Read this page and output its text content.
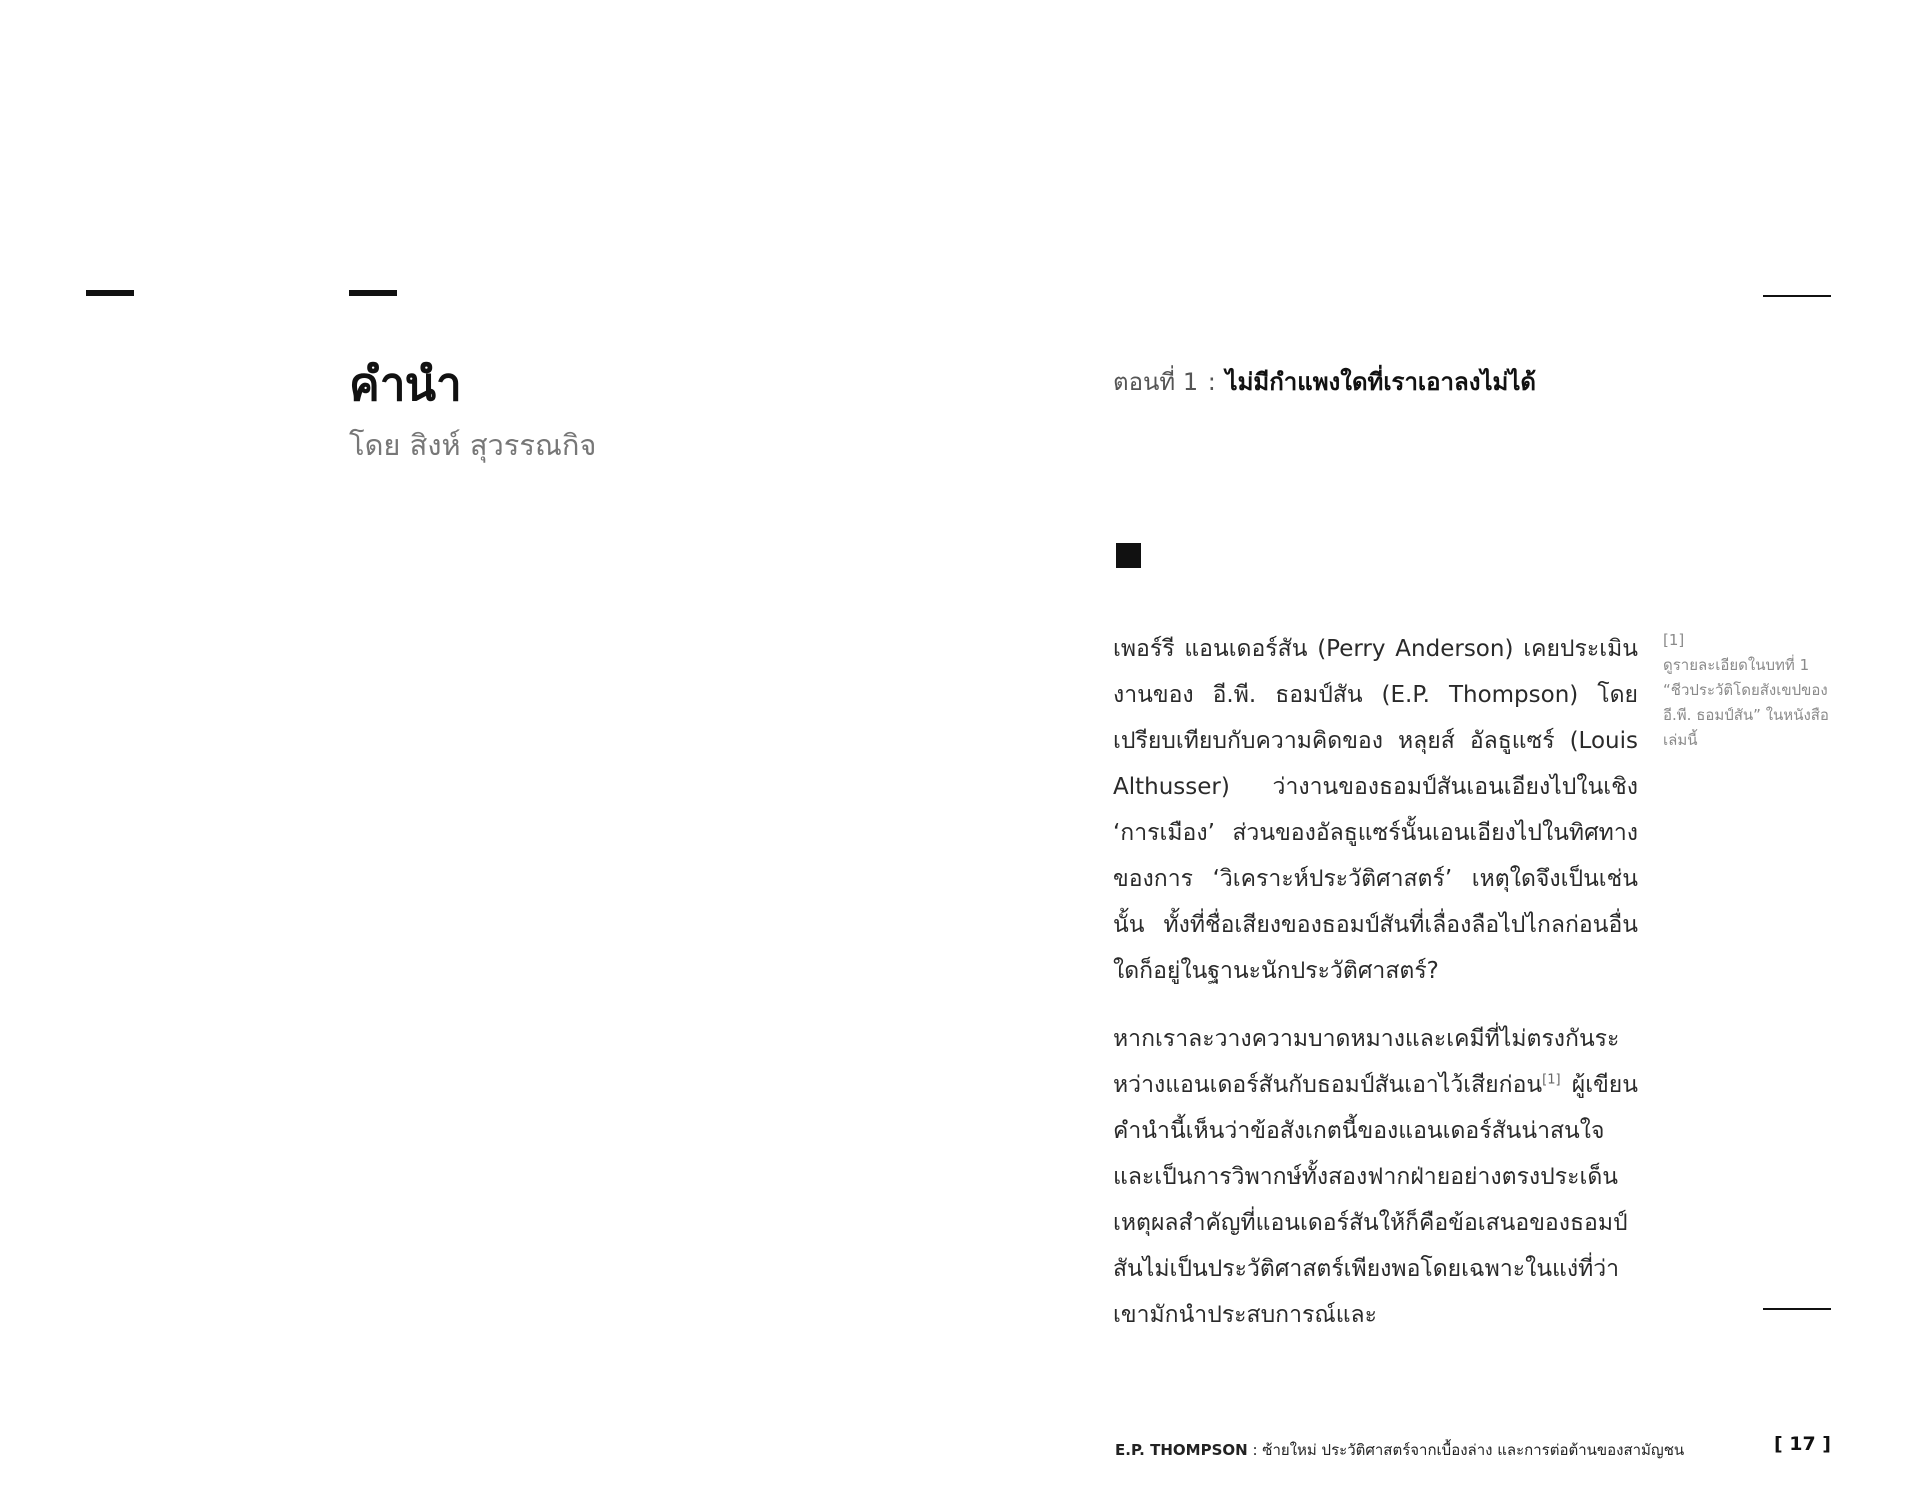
คำนำ
โดย สิงห์ สุวรรณกิจ
ตอนที่ 1 : ไม่มีกำแพงใดที่เราเอาลงไม่ได้

เพอร์รี แอนเดอร์สัน (Perry Anderson) เคยประเมินงานของ อี.พี. ธอมป์สัน (E.P. Thompson) โดยเปรียบเทียบกับความคิดของ หลุยส์ อัลธูแซร์ (Louis Althusser) ว่างานของธอมป์สันเอนเอียงไปในเชิง ‘การเมือง’ ส่วนของอัลธูแซร์นั้นเอนเอียงไปในทิศทางของการ ‘วิเคราะห์ประวัติศาสตร์’ เหตุใดจึงเป็นเช่นนั้น ทั้งที่ชื่อเสียงของธอมป์สันที่เลื่องลือไปไกลก่อนอื่นใดก็อยู่ในฐานะนักประวัติศาสตร์?

หากเราละวางความบาดหมางและเคมีที่ไม่ตรงกันระหว่างแอนเดอร์สันกับธอมป์สันเอาไว้เสียก่อน[1] ผู้เขียนคำนำนี้เห็นว่าข้อสังเกตนี้ของแอนเดอร์สันน่าสนใจ และเป็นการวิพากษ์ทั้งสองฟากฝ่ายอย่างตรงประเด็น เหตุผลสำคัญที่แอนเดอร์สันให้ก็คือข้อเสนอของธอมป์สันไม่เป็นประวัติศาสตร์เพียงพอโดยเฉพาะในแง่ที่ว่าเขามักนำประสบการณ์และ

[1]
ดูรายละเอียดในบทที่ 1 “ชีวประวัติโดยสังเขปของ อี.พี. ธอมป์สัน” ในหนังสือเล่มนี้
E.P. THOMPSON : ซ้ายใหม่ ประวัติศาสตร์จากเบื้องล่าง และการต่อต้านของสามัญชน	[ 17 ]
